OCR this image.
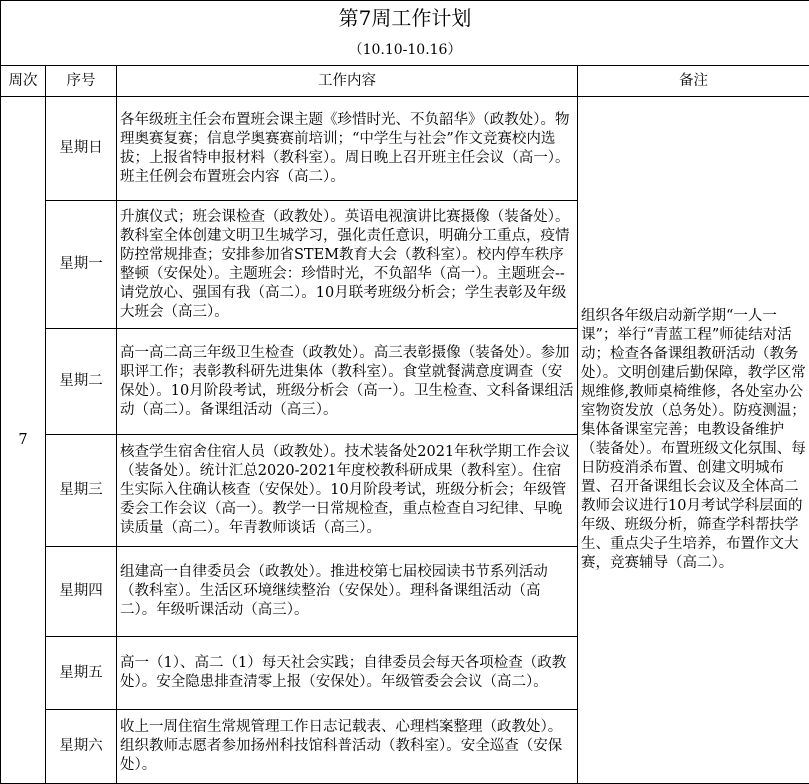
第7周工作计划			
（10.10-10.16）			
周次	序号	工作内容	备注
7	星期日	各年级班主任会布置班会课主题《珍惜时光、不负韶华》（政教处）。物理奥赛复赛；信息学奥赛赛前培训；“中学生与社会”作文竞赛校内选拔；上报省特申报材料（教科室）。周日晚上召开班主任会议（高一）。班主任例会布置班会内容（高二）。	组织各年级启动新学期“一人一课”；举行“青蓝工程”师徒结对活动；检查各备课组教研活动（教务处）。文明创建后勤保障，教学区常规维修,教师桌椅维修，各处室办公室物资发放（总务处）。防疫测温；集体备课室完善；电教设备维护（装备处）。布置班级文化氛围、每日防疫消杀布置、创建文明城布置、召开备课组长会议及全体高二教师会议进行10月考试学科层面的年级、班级分析，筛查学科帮扶学生、重点尖子生培养，布置作文大赛，竞赛辅导（高二）。
	星期一	升旗仪式；班会课检查（政教处）。英语电视演讲比赛摄像（装备处）。教科室全体创建文明卫生城学习，强化责任意识，明确分工重点，疫情防控常规排查；安排参加省STEM教育大会（教科室）。校内停车秩序整顿（安保处）。主题班会：珍惜时光，不负韶华（高一）。主题班会--请党放心、强国有我（高二）。10月联考班级分析会；学生表彰及年级大班会（高三）。	
	星期二	高一高二高三年级卫生检查（政教处）。高三表彰摄像（装备处）。参加职评工作；表彰教科研先进集体（教科室）。食堂就餐满意度调查（安保处）。10月阶段考试，班级分析会（高一）。卫生检查、文科备课组活动（高二）。备课组活动（高三）。	
	星期三	核查学生宿舍住宿人员（政教处）。技术装备处2021年秋学期工作会议（装备处）。统计汇总2020-2021年度校教科研成果（教科室）。住宿生实际入住确认核查（安保处）。10月阶段考试，班级分析会；年级管委会工作会议（高一）。教学一日常规检查，重点检查自习纪律、早晚读质量（高二）。年青教师谈话（高三）。	
	星期四	组建高一自律委员会（政教处）。推进校第七届校园读书节系列活动（教科室）。生活区环境继续整治（安保处）。理科备课组活动（高二）。年级听课活动（高三）。	
	星期五	高一（1）、高二（1）每天社会实践；自律委员会每天各项检查（政教处）。安全隐患排查清零上报（安保处）。年级管委会会议（高二）。	
	星期六	收上一周住宿生常规管理工作日志记载表、心理档案整理（政教处）。组织教师志愿者参加扬州科技馆科普活动（教科室）。安全巡查（安保处）。	
